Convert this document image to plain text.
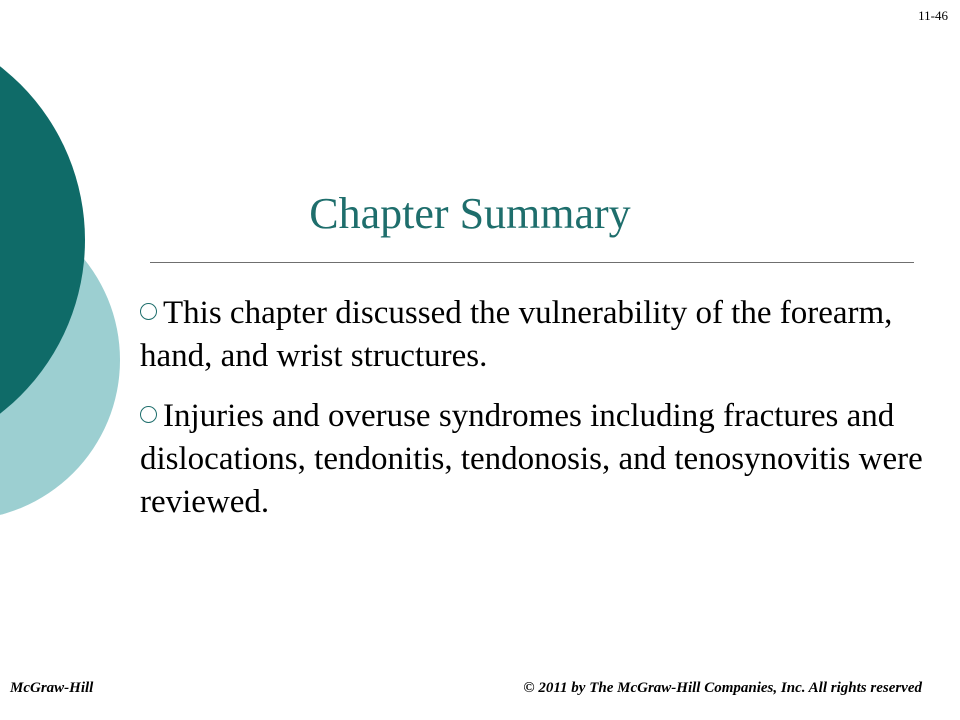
11-46
Chapter Summary
This chapter discussed the vulnerability of the forearm, hand, and wrist structures.
Injuries and overuse syndromes including fractures and dislocations, tendonitis, tendonosis, and tenosynovitis were reviewed.
McGraw-Hill	© 2011 by The McGraw-Hill Companies, Inc. All rights reserved
